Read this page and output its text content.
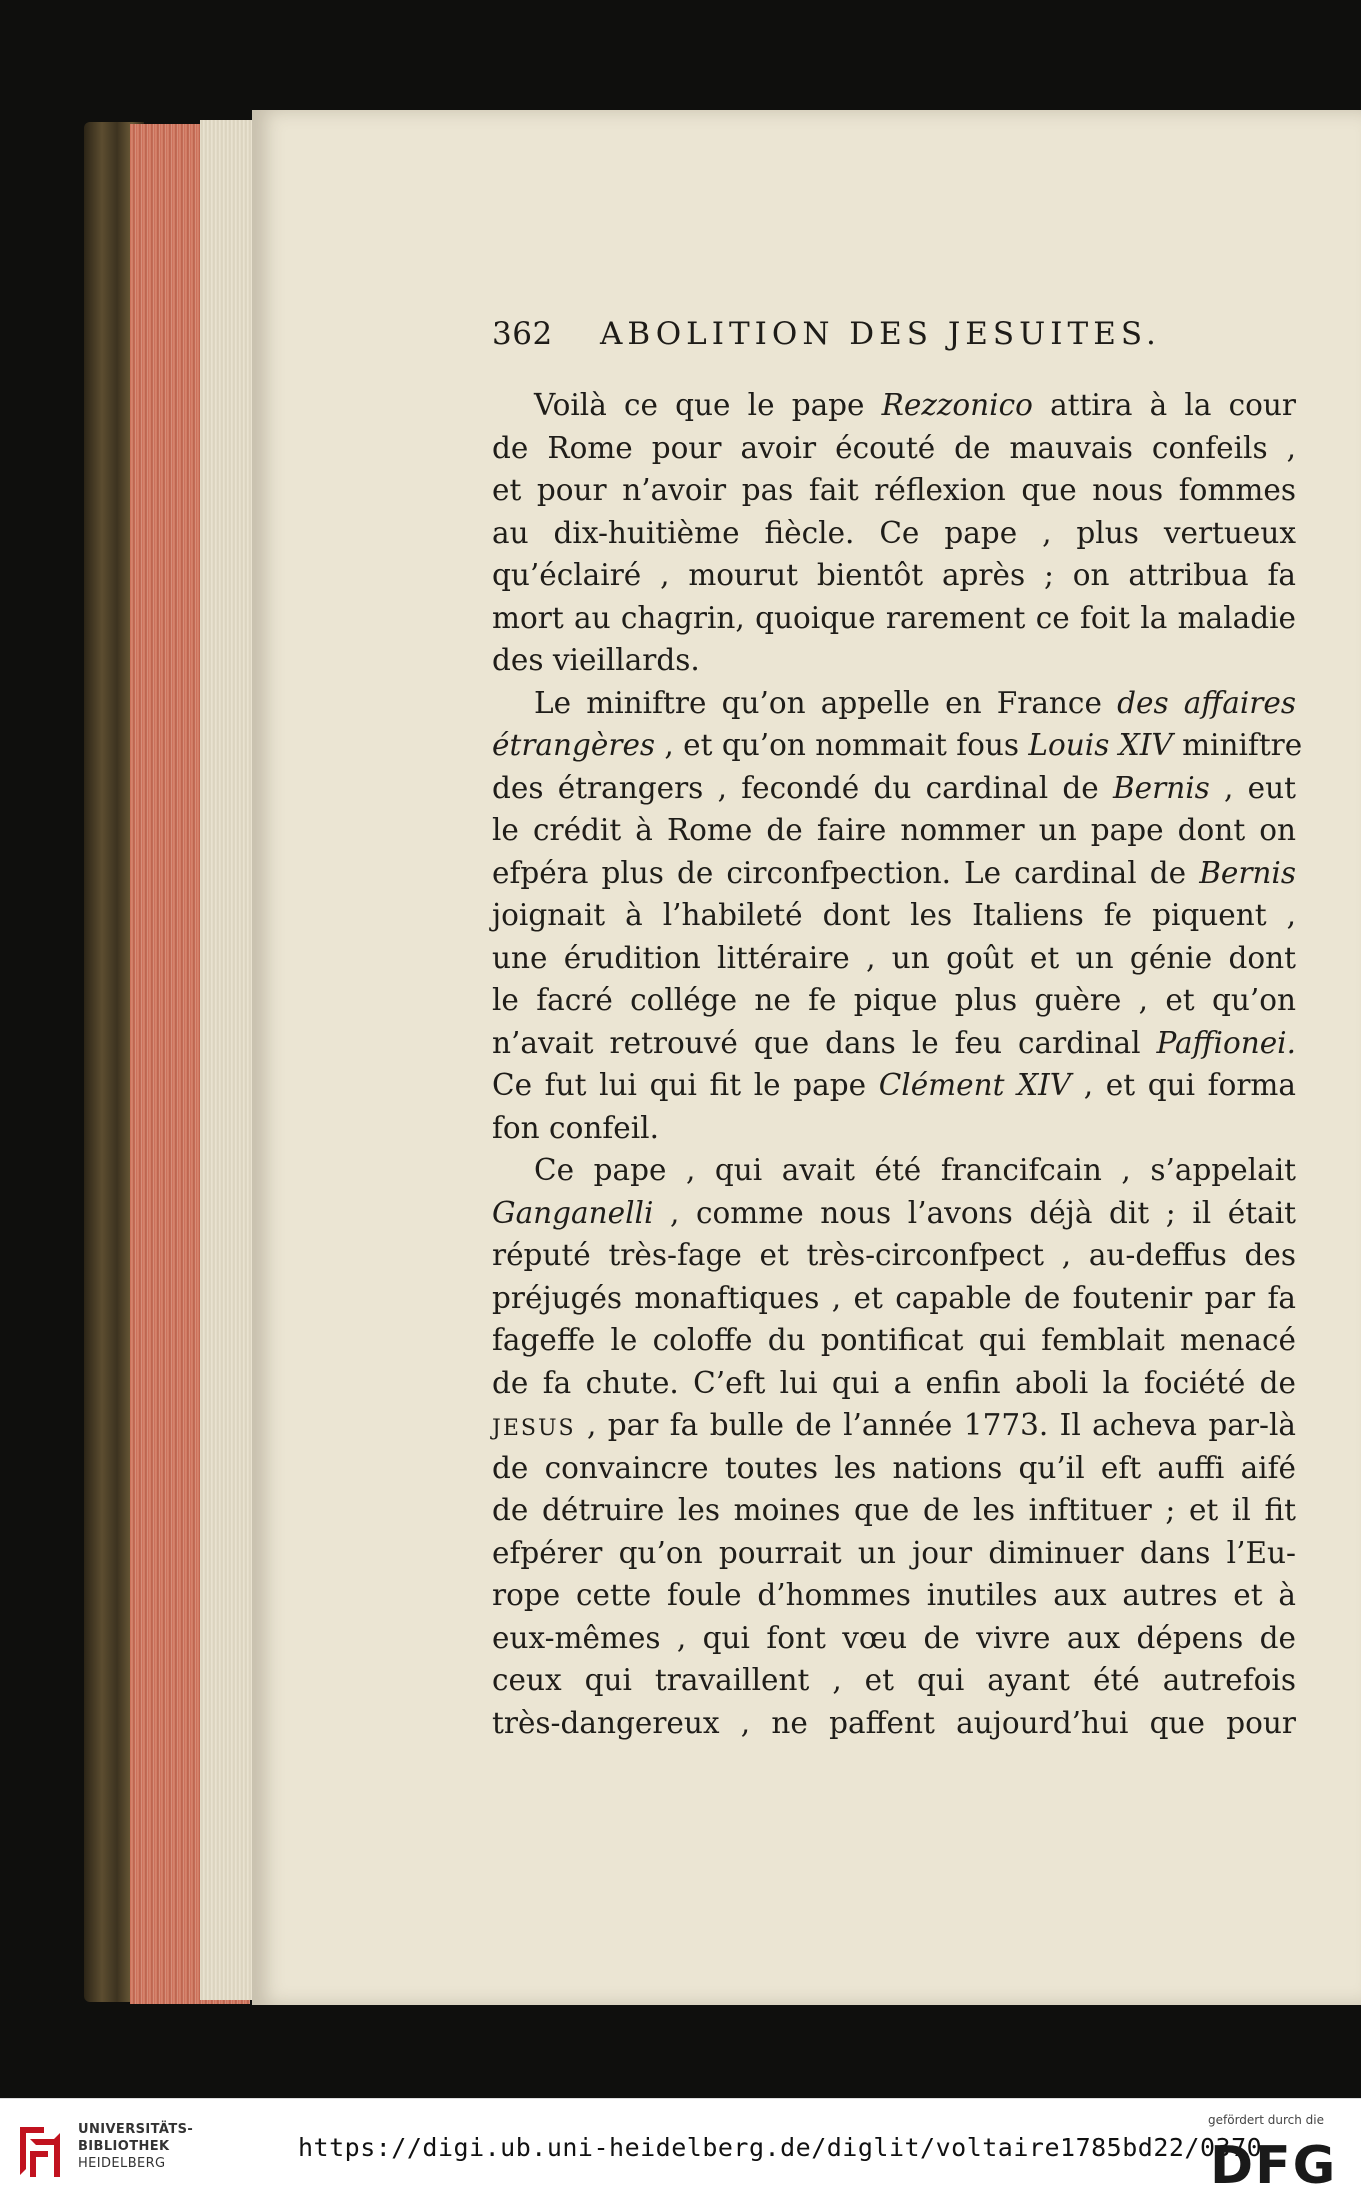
362 ABOLITION DES JESUITES.
Voilà ce que le pape Rezzonico attira à la cour
de Rome pour avoir écouté de mauvais confeils ,
et pour n’avoir pas fait réflexion que nous fommes
au dix-huitième fiècle. Ce pape , plus vertueux
qu’éclairé , mourut bientôt après ; on attribua fa
mort au chagrin, quoique rarement ce foit la maladie
des vieillards.
Le miniftre qu’on appelle en France des affaires
étrangères , et qu’on nommait fous Louis XIV miniftre
des étrangers , fecondé du cardinal de Bernis , eut
le crédit à Rome de faire nommer un pape dont on
efpéra plus de circonfpection. Le cardinal de Bernis
joignait à l’habileté dont les Italiens fe piquent ,
une érudition littéraire , un goût et un génie dont
le facré collége ne fe pique plus guère , et qu’on
n’avait retrouvé que dans le feu cardinal Paffionei.
Ce fut lui qui fit le pape Clément XIV , et qui forma
fon confeil.
Ce pape , qui avait été francifcain , s’appelait
Ganganelli , comme nous l’avons déjà dit ; il était
réputé très-fage et très-circonfpect , au-deffus des
préjugés monaftiques , et capable de foutenir par fa
fageffe le coloffe du pontificat qui femblait menacé
de fa chute. C’eft lui qui a enfin aboli la fociété de
JESUS , par fa bulle de l’année 1773. Il acheva par-là
de convaincre toutes les nations qu’il eft auffi aifé
de détruire les moines que de les inftituer ; et il fit
efpérer qu’on pourrait un jour diminuer dans l’Eu-
rope cette foule d’hommes inutiles aux autres et à
eux-mêmes , qui font vœu de vivre aux dépens de
ceux qui travaillent , et qui ayant été autrefois
très-dangereux , ne paffent aujourd’hui que pour
UNIVERSITÄTS-
BIBLIOTHEK
HEIDELBERG
https://digi.ub.uni-heidelberg.de/diglit/voltaire1785bd22/0370
gefördert durch die
DFG
